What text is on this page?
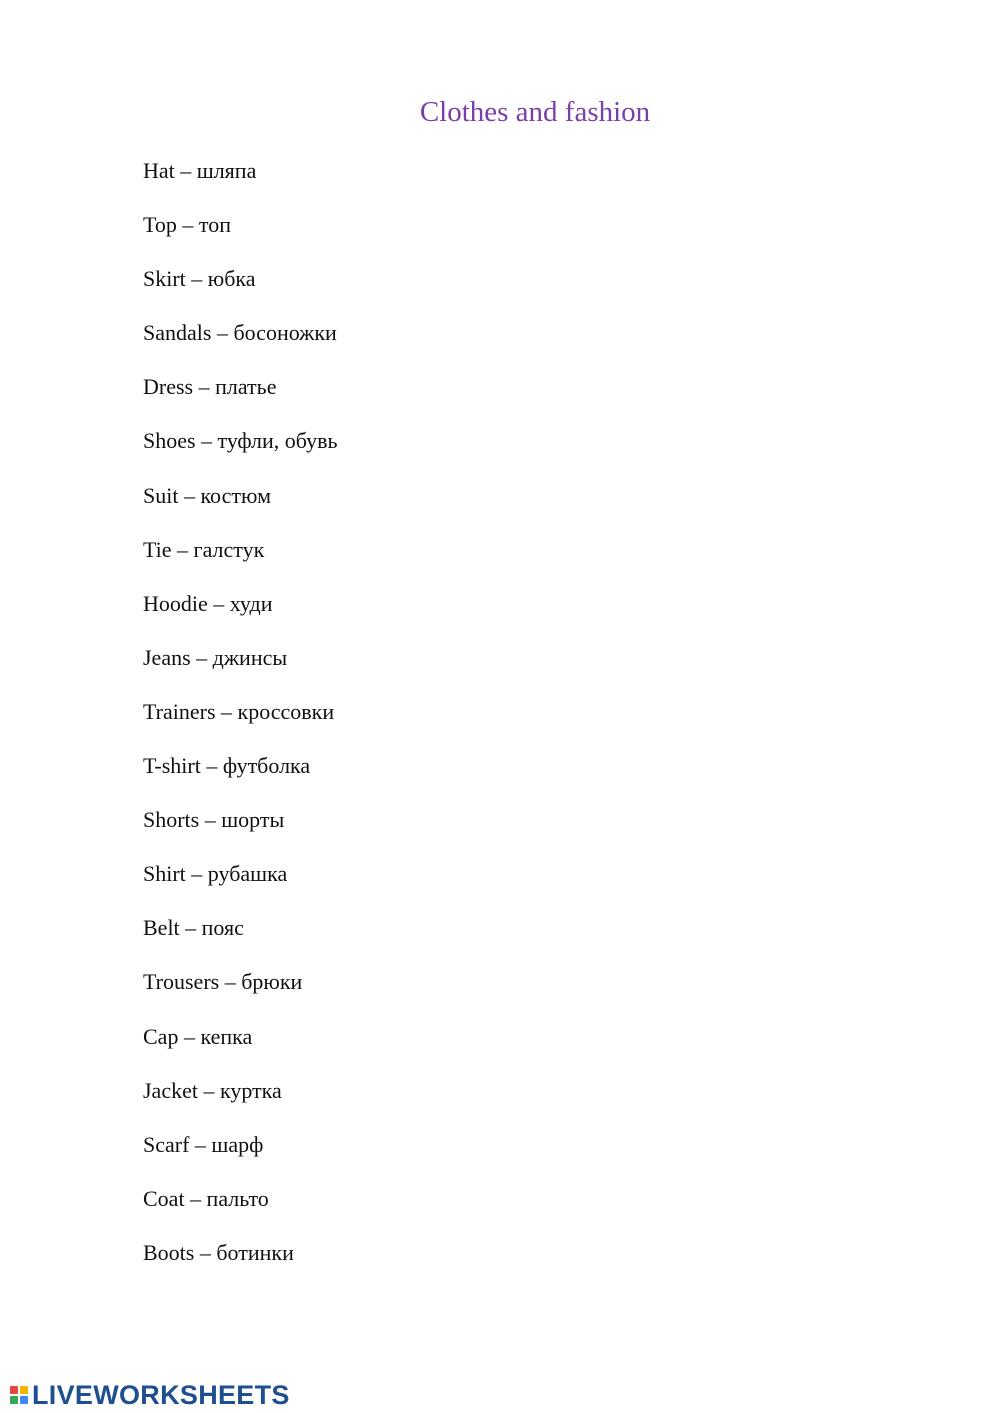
Clothes and fashion
Hat – шляпа
Top – топ
Skirt – юбка
Sandals – босоножки
Dress – платье
Shoes – туфли, обувь
Suit – костюм
Tie – галстук
Hoodie – худи
Jeans – джинсы
Trainers – кроссовки
T-shirt – футболка
Shorts – шорты
Shirt – рубашка
Belt – пояс
Trousers – брюки
Cap – кепка
Jacket – куртка
Scarf – шарф
Coat – пальто
Boots – ботинки
LIVEWORKSHEETS
